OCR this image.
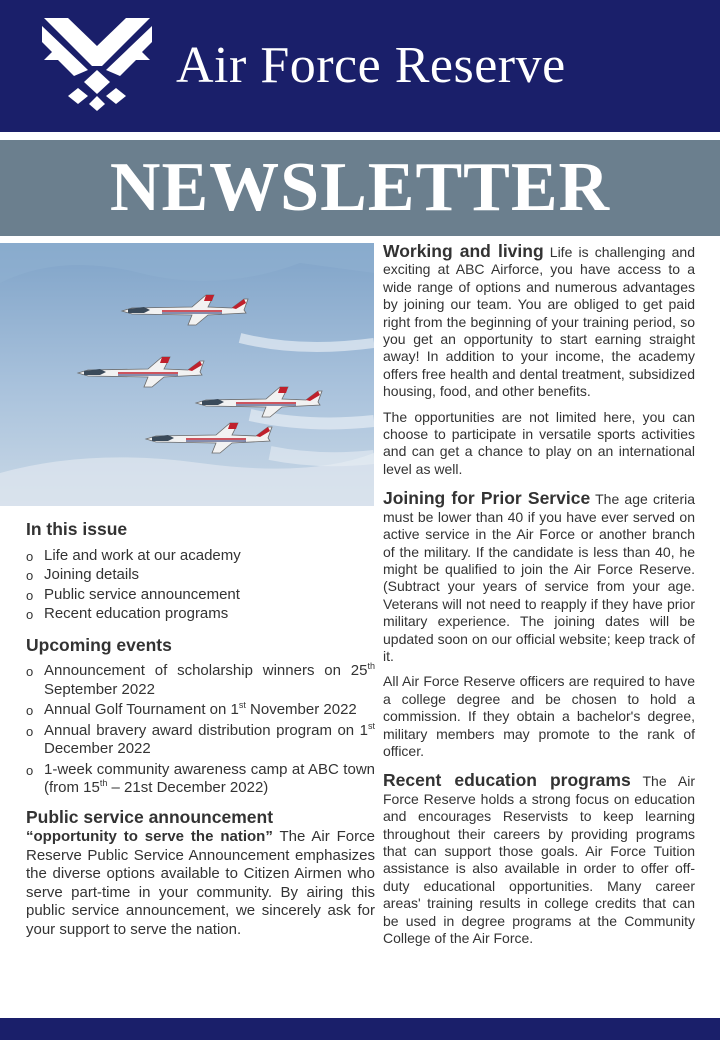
Air Force Reserve
NEWSLETTER
In this issue
o Life and work at our academy
o Joining details
o Public service announcement
o Recent education programs
Upcoming events
o Announcement of scholarship winners on 25th September 2022
o Annual Golf Tournament on 1st November 2022
o Annual bravery award distribution program on 1st December 2022
o 1-week community awareness camp at ABC town (from 15th – 21st December 2022)

Public service announcement
“opportunity to serve the nation” The Air Force Reserve Public Service Announcement emphasizes the diverse options available to Citizen Airmen who serve part-time in your community. By airing this public service announcement, we sincerely ask for your support to serve the nation.

Working and living Life is challenging and exciting at ABC Airforce, you have access to a wide range of options and numerous advantages by joining our team. You are obliged to get paid right from the beginning of your training period, so you get an opportunity to start earning straight away! In addition to your income, the academy offers free health and dental treatment, subsidized housing, food, and other benefits.

The opportunities are not limited here, you can choose to participate in versatile sports activities and can get a chance to play on an international level as well.

Joining for Prior Service The age criteria must be lower than 40 if you have ever served on active service in the Air Force or another branch of the military. If the candidate is less than 40, he might be qualified to join the Air Force Reserve. (Subtract your years of service from your age. Veterans will not need to reapply if they have prior military experience. The joining dates will be updated soon on our official website; keep track of it.

All Air Force Reserve officers are required to have a college degree and be chosen to hold a commission. If they obtain a bachelor's degree, military members may promote to the rank of officer.

Recent education programs The Air Force Reserve holds a strong focus on education and encourages Reservists to keep learning throughout their careers by providing programs that can support those goals. Air Force Tuition assistance is also available in order to offer off-duty educational opportunities. Many career areas' training results in college credits that can be used in degree programs at the Community College of the Air Force.
